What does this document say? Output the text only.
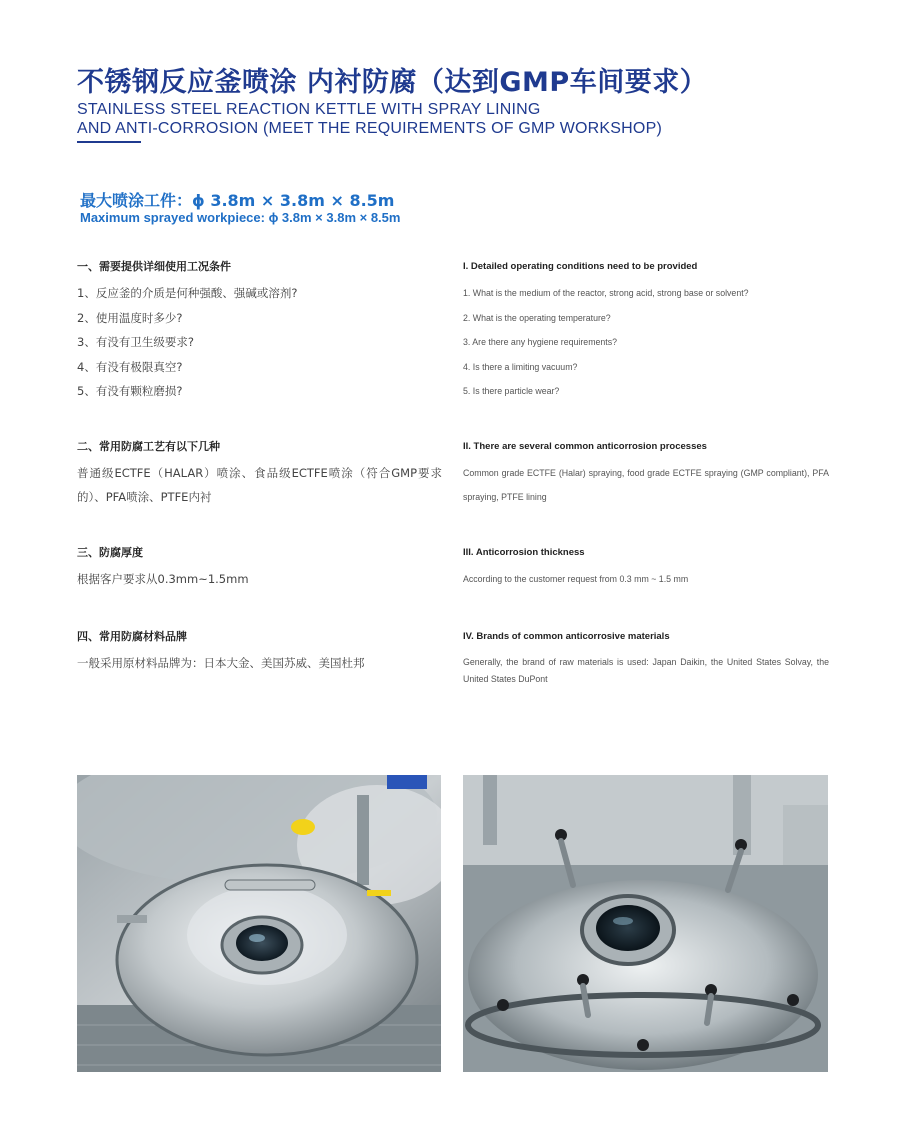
不锈钢反应釜喷涂 内衬防腐（达到GMP车间要求）
STAINLESS STEEL REACTION KETTLE WITH SPRAY LINING
AND ANTI-CORROSION (MEET THE REQUIREMENTS OF GMP WORKSHOP)
最大喷涂工件：ϕ 3.8m × 3.8m × 8.5m
Maximum sprayed workpiece: ϕ 3.8m × 3.8m × 8.5m
一、需要提供详细使用工况条件
1、反应釜的介质是何种强酸、强碱或溶剂?
2、使用温度时多少?
3、有没有卫生级要求?
4、有没有极限真空?
5、有没有颗粒磨损?
I. Detailed operating conditions need to be provided
1. What is the medium of the reactor, strong acid, strong base or solvent?
2. What is the operating temperature?
3. Are there any hygiene requirements?
4. Is there a limiting vacuum?
5. Is there particle wear?
二、常用防腐工艺有以下几种
普通级ECTFE（HALAR）喷涂、食品级ECTFE喷涂（符合GMP要求的）、PFA喷涂、PTFE内衬
II. There are several common anticorrosion processes
Common grade ECTFE (Halar) spraying, food grade ECTFE spraying (GMP compliant), PFA spraying, PTFE lining
三、防腐厚度
根据客户要求从0.3mm~1.5mm
III. Anticorrosion thickness
According to the customer request from 0.3 mm ~ 1.5 mm
四、常用防腐材料品牌
一般采用原材料品牌为：日本大金、美国苏威、美国杜邦
IV. Brands of common anticorrosive materials
Generally, the brand of raw materials is used: Japan Daikin, the United States Solvay, the United States DuPont
